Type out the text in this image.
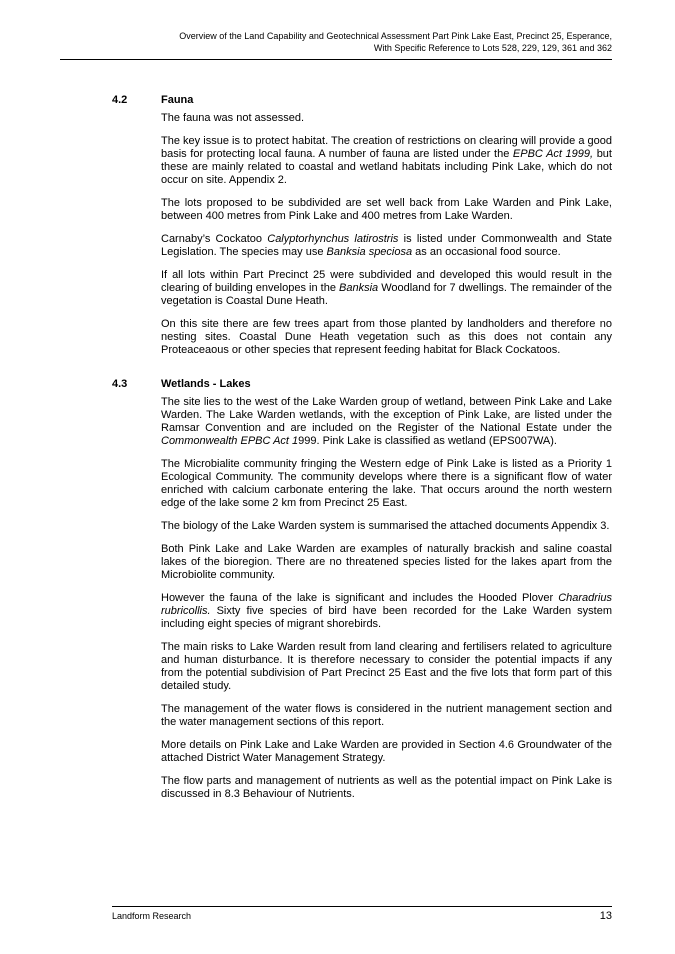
Overview of the Land Capability and Geotechnical Assessment Part Pink Lake East, Precinct 25, Esperance,
With Specific Reference to Lots 528, 229, 129, 361 and 362
4.2	Fauna

The fauna was not assessed.

The key issue is to protect habitat. The creation of restrictions on clearing will provide a good basis for protecting local fauna. A number of fauna are listed under the EPBC Act 1999, but these are mainly related to coastal and wetland habitats including Pink Lake, which do not occur on site. Appendix 2.

The lots proposed to be subdivided are set well back from Lake Warden and Pink Lake, between 400 metres from Pink Lake and 400 metres from Lake Warden.

Carnaby’s Cockatoo Calyptorhynchus latirostris is listed under Commonwealth and State Legislation. The species may use Banksia speciosa as an occasional food source.

If all lots within Part Precinct 25 were subdivided and developed this would result in the clearing of building envelopes in the Banksia Woodland for 7 dwellings. The remainder of the vegetation is Coastal Dune Heath.

On this site there are few trees apart from those planted by landholders and therefore no nesting sites. Coastal Dune Heath vegetation such as this does not contain any Proteaceaous or other species that represent feeding habitat for Black Cockatoos.

4.3	Wetlands - Lakes

The site lies to the west of the Lake Warden group of wetland, between Pink Lake and Lake Warden. The Lake Warden wetlands, with the exception of Pink Lake, are listed under the Ramsar Convention and are included on the Register of the National Estate under the Commonwealth EPBC Act 1999. Pink Lake is classified as wetland (EPS007WA).

The Microbialite community fringing the Western edge of Pink Lake is listed as a Priority 1 Ecological Community. The community develops where there is a significant flow of water enriched with calcium carbonate entering the lake. That occurs around the north western edge of the lake some 2 km from Precinct 25 East.

The biology of the Lake Warden system is summarised the attached documents Appendix 3.

Both Pink Lake and Lake Warden are examples of naturally brackish and saline coastal lakes of the bioregion. There are no threatened species listed for the lakes apart from the Microbiolite community.

However the fauna of the lake is significant and includes the Hooded Plover Charadrius rubricollis. Sixty five species of bird have been recorded for the Lake Warden system including eight species of migrant shorebirds.

The main risks to Lake Warden result from land clearing and fertilisers related to agriculture and human disturbance. It is therefore necessary to consider the potential impacts if any from the potential subdivision of Part Precinct 25 East and the five lots that form part of this detailed study.

The management of the water flows is considered in the nutrient management section and the water management sections of this report.

More details on Pink Lake and Lake Warden are provided in Section 4.6 Groundwater of the attached District Water Management Strategy.

The flow parts and management of nutrients as well as the potential impact on Pink Lake is discussed in 8.3 Behaviour of Nutrients.

Landform Research	13
